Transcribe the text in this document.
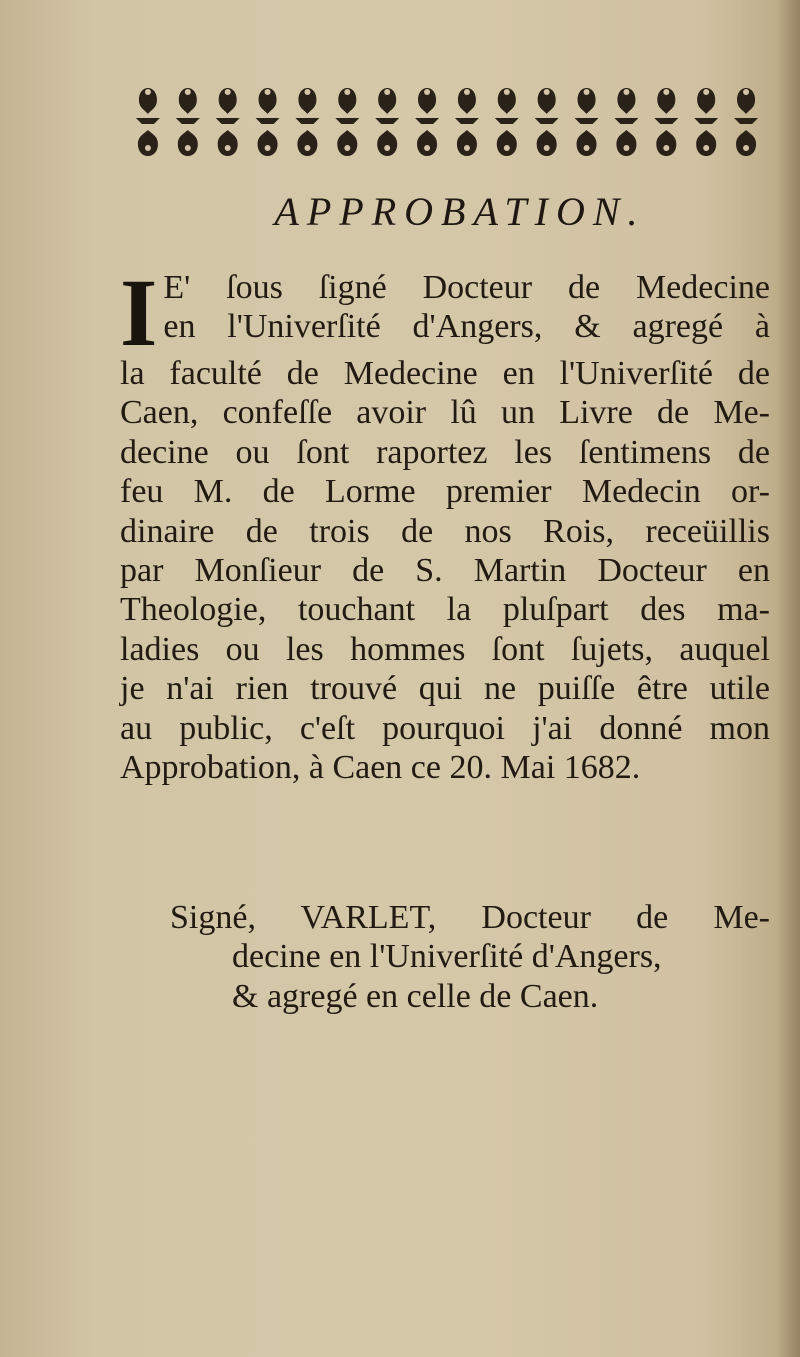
APPROBATION.
I E' ſous ſigné Docteur de Medecine
en l'Univerſité d'Angers, & agregé à
la faculté de Medecine en l'Univerſité de
Caen, confeſſe avoir lû un Livre de Me-
decine ou ſont raportez les ſentimens de
feu M. de Lorme premier Medecin or-
dinaire de trois de nos Rois, receüillis
par Monſieur de S. Martin Docteur en
Theologie, touchant la pluſpart des ma-
ladies ou les hommes ſont ſujets, auquel
je n'ai rien trouvé qui ne puiſſe être utile
au public, c'eſt pourquoi j'ai donné mon
Approbation, à Caen ce 20. Mai 1682.
Signé, VARLET, Docteur de Me-
decine en l'Univerſité d'Angers,
& agregé en celle de Caen.
